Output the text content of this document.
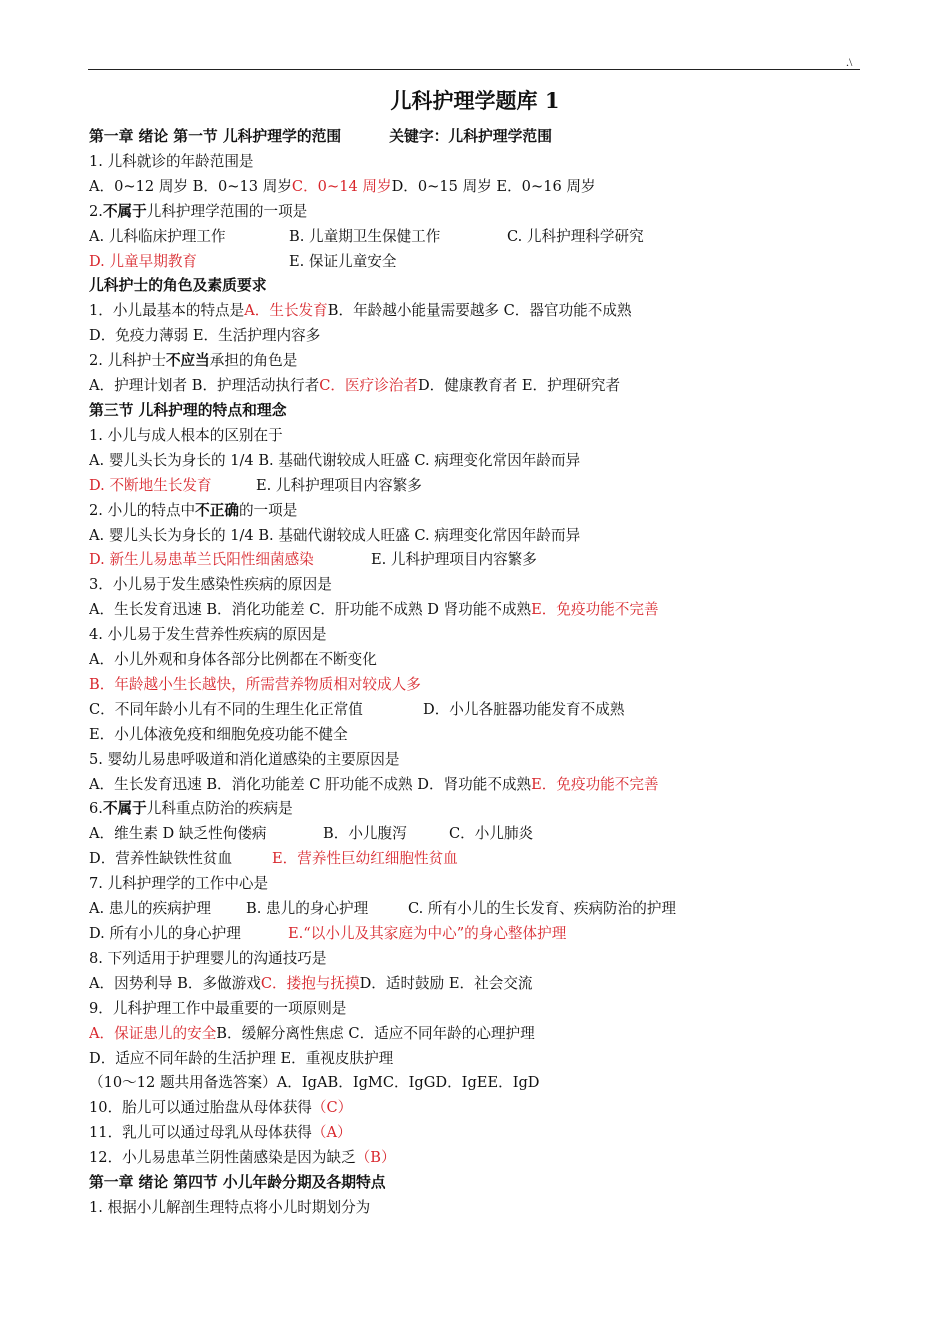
.\
儿科护理学题库 1
第一章 绪论 第一节 儿科护理学的范围	关键字：儿科护理学范围
1. 儿科就诊的年龄范围是
A．0~12 周岁 B．0~13 周岁C．0~14 周岁D．0~15 周岁 E．0~16 周岁
2.不属于儿科护理学范围的一项是
A. 儿科临床护理工作	B. 儿童期卫生保健工作	C. 儿科护理科学研究
D. 儿童早期教育	E. 保证儿童安全
儿科护士的角色及素质要求
1．小儿最基本的特点是A．生长发育B．年龄越小能量需要越多 C．器官功能不成熟
D．免疫力薄弱 E．生活护理内容多
2. 儿科护士不应当承担的角色是
A．护理计划者 B．护理活动执行者C．医疗诊治者D．健康教育者 E．护理研究者
第三节 儿科护理的特点和理念
1. 小儿与成人根本的区别在于
A. 婴儿头长为身长的 1/4 B. 基础代谢较成人旺盛 C. 病理变化常因年龄而异
D. 不断地生长发育	E. 儿科护理项目内容繁多
2. 小儿的特点中不正确的一项是
A. 婴儿头长为身长的 1/4 B. 基础代谢较成人旺盛 C. 病理变化常因年龄而异
D. 新生儿易患革兰氏阳性细菌感染	E. 儿科护理项目内容繁多
3．小儿易于发生感染性疾病的原因是
A．生长发育迅速 B．消化功能差 C．肝功能不成熟 D 肾功能不成熟E．免疫功能不完善
4. 小儿易于发生营养性疾病的原因是
A．小儿外观和身体各部分比例都在不断变化
B．年龄越小生长越快，所需营养物质相对较成人多
C．不同年龄小儿有不同的生理生化正常值	D．小儿各脏器功能发育不成熟
E．小儿体液免疫和细胞免疫功能不健全
5. 婴幼儿易患呼吸道和消化道感染的主要原因是
A．生长发育迅速 B．消化功能差 C 肝功能不成熟 D．肾功能不成熟E．免疫功能不完善
6.不属于儿科重点防治的疾病是
A．维生素 D 缺乏性佝偻病	B．小儿腹泻	C．小儿肺炎
D．营养性缺铁性贫血	E．营养性巨幼红细胞性贫血
7. 儿科护理学的工作中心是
A. 患儿的疾病护理 B. 患儿的身心护理	C. 所有小儿的生长发育、疾病防治的护理
D. 所有小儿的身心护理	E.“以小儿及其家庭为中心”的身心整体护理
8. 下列适用于护理婴儿的沟通技巧是
A．因势利导 B．多做游戏C．搂抱与抚摸D．适时鼓励 E．社会交流
9．儿科护理工作中最重要的一项原则是
A．保证患儿的安全B．缓解分离性焦虑 C．适应不同年龄的心理护理
D．适应不同年龄的生活护理 E．重视皮肤护理
（10～12 题共用备选答案）A．IgAB．IgMC．IgGD．IgEE．IgD
10．胎儿可以通过胎盘从母体获得（C）
11．乳儿可以通过母乳从母体获得（A）
12．小儿易患革兰阴性菌感染是因为缺乏（B）
第一章 绪论 第四节 小儿年龄分期及各期特点
1. 根据小儿解剖生理特点将小儿时期划分为
